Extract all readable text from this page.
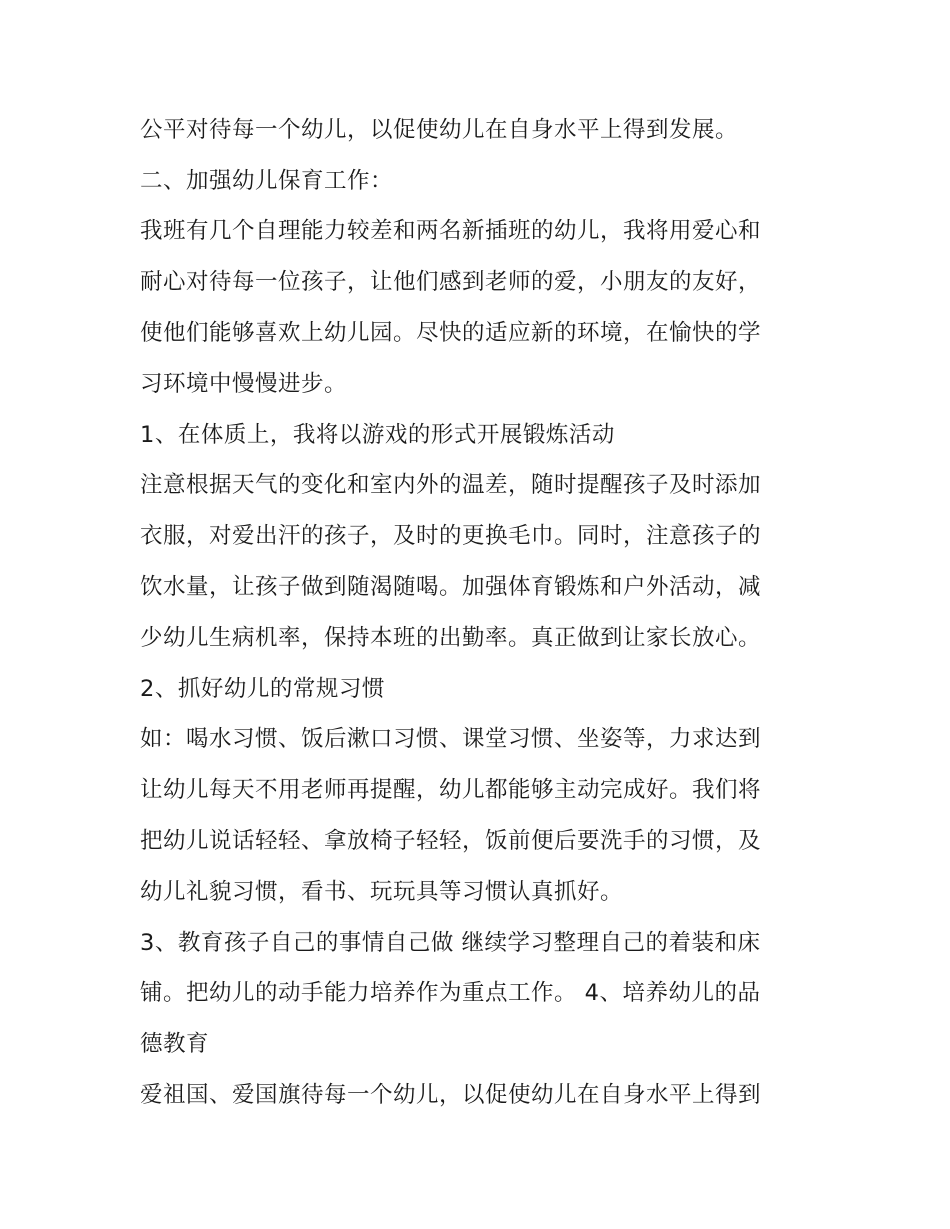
公平对待每一个幼儿，以促使幼儿在自身水平上得到发展。
二、加强幼儿保育工作：
我班有几个自理能力较差和两名新插班的幼儿，我将用爱心和
耐心对待每一位孩子，让他们感到老师的爱，小朋友的友好，
使他们能够喜欢上幼儿园。尽快的适应新的环境，在愉快的学
习环境中慢慢进步。
1、在体质上，我将以游戏的形式开展锻炼活动
注意根据天气的变化和室内外的温差，随时提醒孩子及时添加
衣服，对爱出汗的孩子，及时的更换毛巾。同时，注意孩子的
饮水量，让孩子做到随渴随喝。加强体育锻炼和户外活动，减
少幼儿生病机率，保持本班的出勤率。真正做到让家长放心。
2、抓好幼儿的常规习惯
如：喝水习惯、饭后漱口习惯、课堂习惯、坐姿等，力求达到
让幼儿每天不用老师再提醒，幼儿都能够主动完成好。我们将
把幼儿说话轻轻、拿放椅子轻轻，饭前便后要洗手的习惯，及
幼儿礼貌习惯，看书、玩玩具等习惯认真抓好。
3、教育孩子自己的事情自己做 继续学习整理自己的着装和床
铺。把幼儿的动手能力培养作为重点工作。 4、培养幼儿的品
德教育
爱祖国、爱国旗待每一个幼儿，以促使幼儿在自身水平上得到
